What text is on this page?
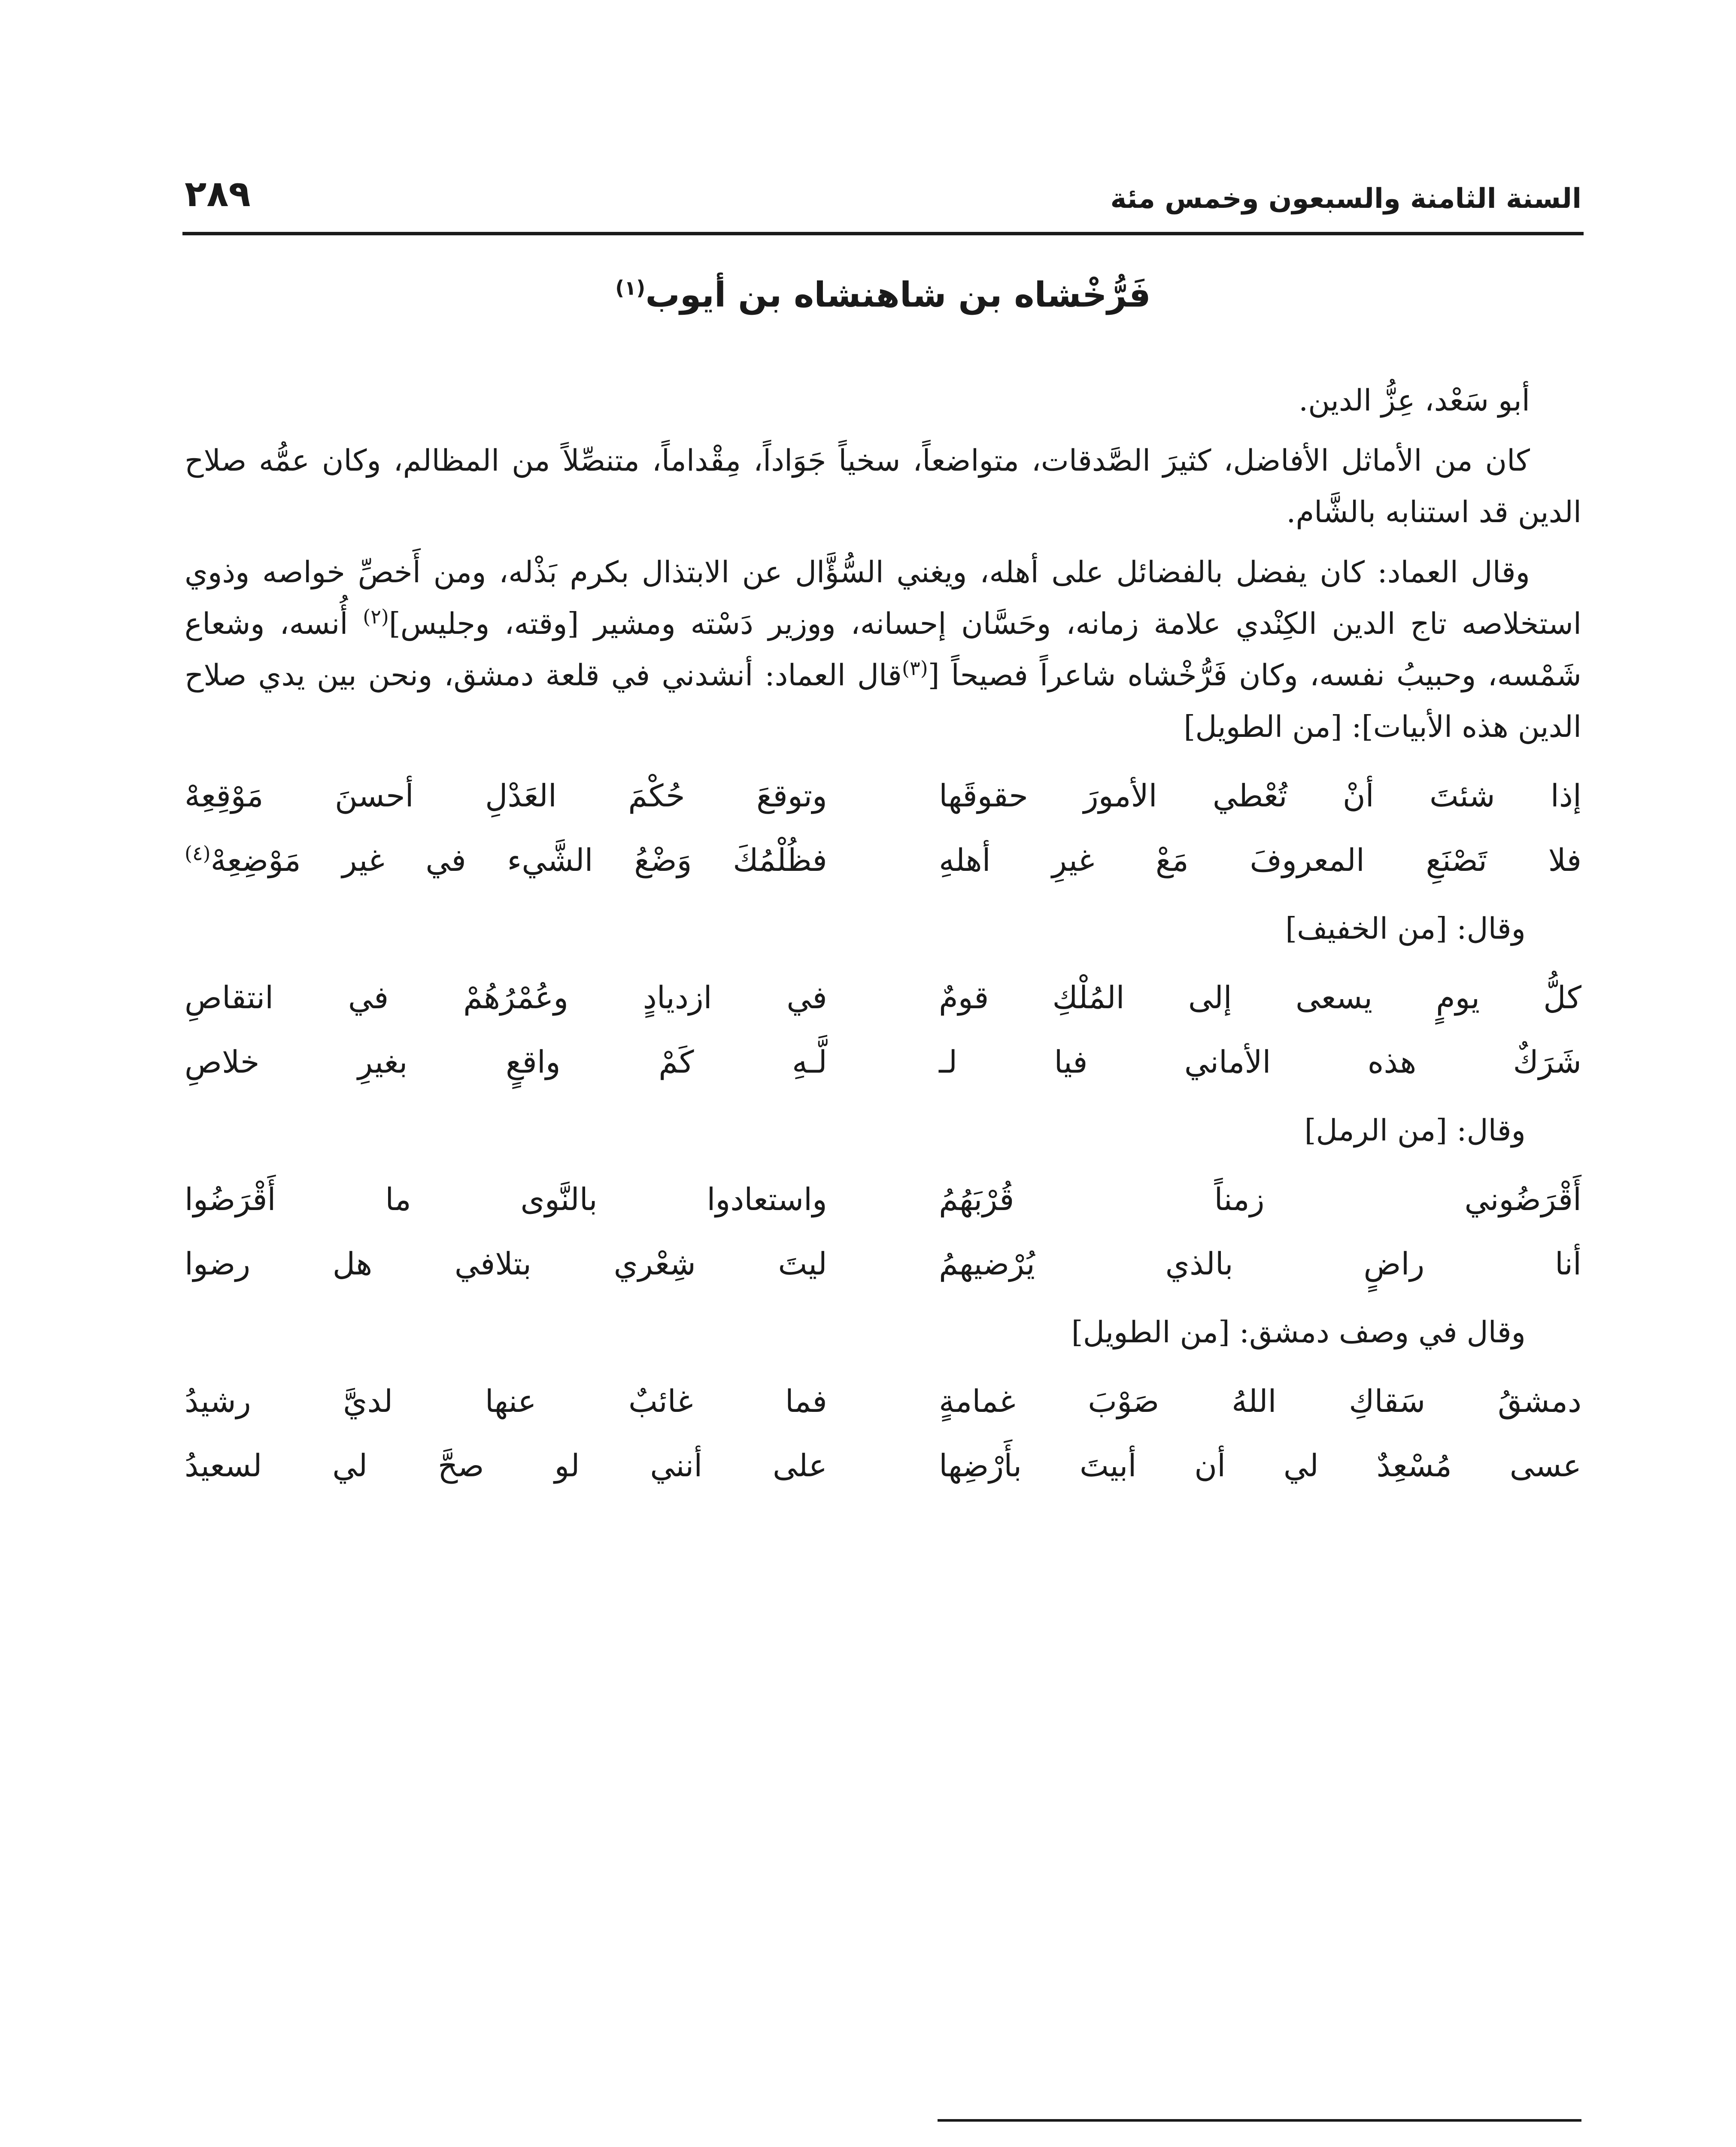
السنة الثامنة والسبعون وخمس مئة
٢٨٩
فَرُّخْشاه بن شاهنشاه بن أيوب$^{(١)}$

أبو سَعْد، عِزُّ الدين.

كان من الأماثل الأفاضل، كثيرَ الصَّدقات، متواضعاً، سخياً جَوَاداً، مِقْداماً، متنصِّلاً من المظالم، وكان عمُّه صلاح الدين قد استنابه بالشَّام.

وقال العماد: كان يفضل بالفضائل على أهله، ويغني السُّؤَّال عن الابتذال بكرم بَذْله، ومن أَخصِّ خواصه وذوي استخلاصه تاج الدين الكِنْدي علامة زمانه، وحَسَّان إحسانه، ووزير دَسْته ومشير [وقته، وجليس]$^{(٢)}$ أُنسه، وشعاع شَمْسه، وحبيبُ نفسه، وكان فَرُّخْشاه شاعراً فصيحاً [$^{(٣)}$قال العماد: أنشدني في قلعة دمشق، ونحن بين يدي صلاح الدين هذه الأبيات]: [من الطويل]

إذا شئتَ أنْ تُعْطي الأمورَ حقوقَها
وتوقعَ حُكْمَ العَدْلِ أحسنَ مَوْقِعِهْ
فلا تَصْنَعِ المعروفَ مَعْ غيرِ أهلهِ
فظُلْمُكَ وَضْعُ الشَّيء في غير مَوْضِعِهْ$^{(٤)}$
وقال: [من الخفيف]
كلُّ يومٍ يسعى إلى المُلْكِ قومٌ
في ازديادٍ وعُمْرُهُمْ في انتقاصِ
شَرَكٌ هذه الأماني فيا لـ
لَّـهِ كَمْ واقعٍ بغيرِ خلاصِ
وقال: [من الرمل]
أَقْرَضُوني زمناً قُرْبَهُمُ
واستعادوا بالنَّوى ما أَقْرَضُوا
أنا راضٍ بالذي يُرْضيهمُ
ليتَ شِعْري بتلافي هل رضوا
وقال في وصف دمشق: [من الطويل]
دمشقُ سَقاكِ اللهُ صَوْبَ غمامةٍ
فما غائبٌ عنها لديَّ رشيدُ
عسى مُسْعِدٌ لي أن أبيتَ بأَرْضِها
على أنني لو صحَّ لي لسعيدُ
